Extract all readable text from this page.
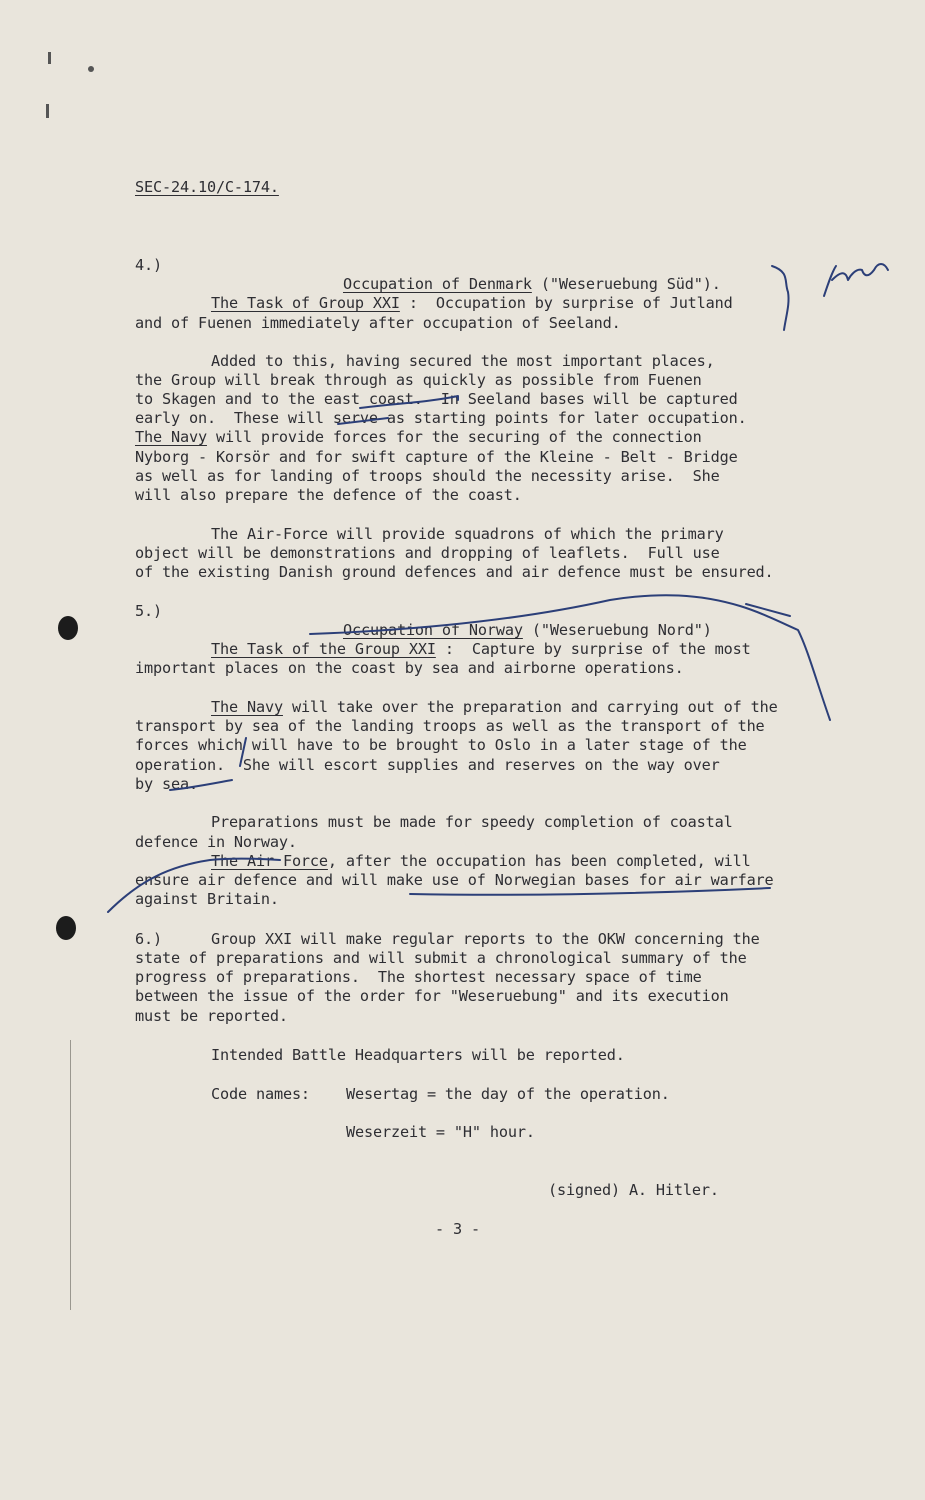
SEC-24.10/C-174.
4.)

Occupation of Denmark ("Weseruebung Süd").

The Task of Group XXI :  Occupation by surprise of Jutland
and of Fuenen immediately after occupation of Seeland.
Added to this, having secured the most important places,
the Group will break through as quickly as possible from Fuenen
to Skagen and to the east coast.  In Seeland bases will be captured
early on.  These will serve as starting points for later occupation.
The Navy will provide forces for the securing of the connection
Nyborg - Korsör and for swift capture of the Kleine - Belt - Bridge
as well as for landing of troops should the necessity arise.  She
will also prepare the defence of the coast.
The Air-Force will provide squadrons of which the primary
object will be demonstrations and dropping of leaflets.  Full use
of the existing Danish ground defences and air defence must be ensured.
5.)

Occupation of Norway ("Weseruebung Nord")

The Task of the Group XXI :  Capture by surprise of the most
important places on the coast by sea and airborne operations.
The Navy will take over the preparation and carrying out of the
transport by sea of the landing troops as well as the transport of the
forces which will have to be brought to Oslo in a later stage of the
operation.  She will escort supplies and reserves on the way over
by sea.
Preparations must be made for speedy completion of coastal
defence in Norway.
The Air Force, after the occupation has been completed, will
ensure air defence and will make use of Norwegian bases for air warfare
against Britain.
6.)	Group XXI will make regular reports to the OKW concerning the
state of preparations and will submit a chronological summary of the
progress of preparations.  The shortest necessary space of time
between the issue of the order for "Weseruebung" and its execution
must be reported.
Intended Battle Headquarters will be reported.
Code names: Wesertag = the day of the operation.
Weserzeit = "H" hour.
(signed) A. Hitler.
- 3 -
